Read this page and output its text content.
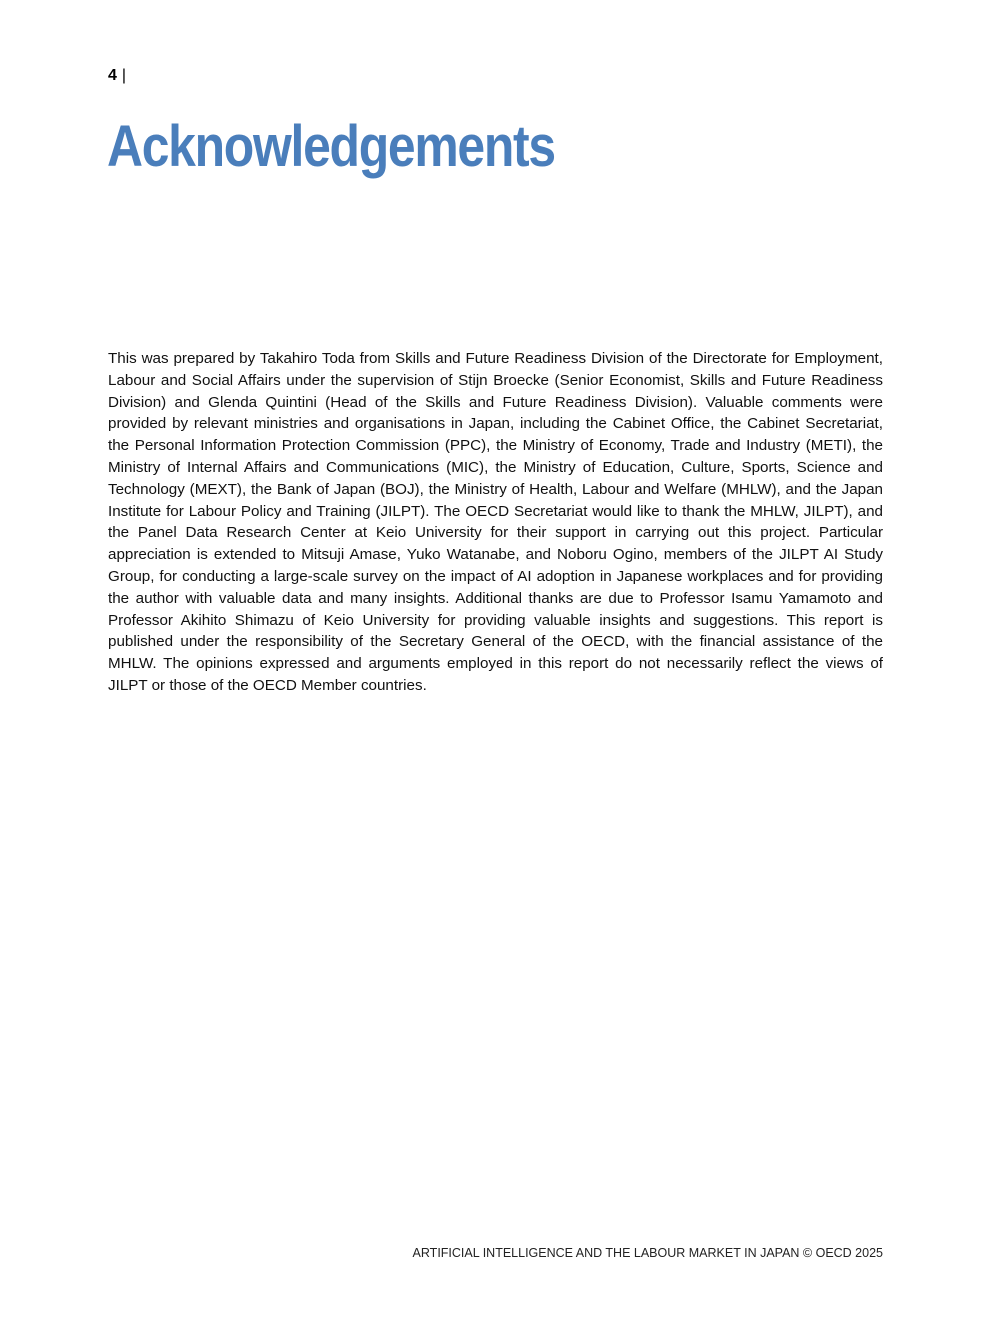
4 |
Acknowledgements

This was prepared by Takahiro Toda from Skills and Future Readiness Division of the Directorate for Employment, Labour and Social Affairs under the supervision of Stijn Broecke (Senior Economist, Skills and Future Readiness Division) and Glenda Quintini (Head of the Skills and Future Readiness Division). Valuable comments were provided by relevant ministries and organisations in Japan, including the Cabinet Office, the Cabinet Secretariat, the Personal Information Protection Commission (PPC), the Ministry of Economy, Trade and Industry (METI), the Ministry of Internal Affairs and Communications (MIC), the Ministry of Education, Culture, Sports, Science and Technology (MEXT), the Bank of Japan (BOJ), the Ministry of Health, Labour and Welfare (MHLW), and the Japan Institute for Labour Policy and Training (JILPT). The OECD Secretariat would like to thank the MHLW, JILPT), and the Panel Data Research Center at Keio University for their support in carrying out this project. Particular appreciation is extended to Mitsuji Amase, Yuko Watanabe, and Noboru Ogino, members of the JILPT AI Study Group, for conducting a large-scale survey on the impact of AI adoption in Japanese workplaces and for providing the author with valuable data and many insights. Additional thanks are due to Professor Isamu Yamamoto and Professor Akihito Shimazu of Keio University for providing valuable insights and suggestions. This report is published under the responsibility of the Secretary General of the OECD, with the financial assistance of the MHLW. The opinions expressed and arguments employed in this report do not necessarily reflect the views of JILPT or those of the OECD Member countries.

ARTIFICIAL INTELLIGENCE AND THE LABOUR MARKET IN JAPAN © OECD 2025
